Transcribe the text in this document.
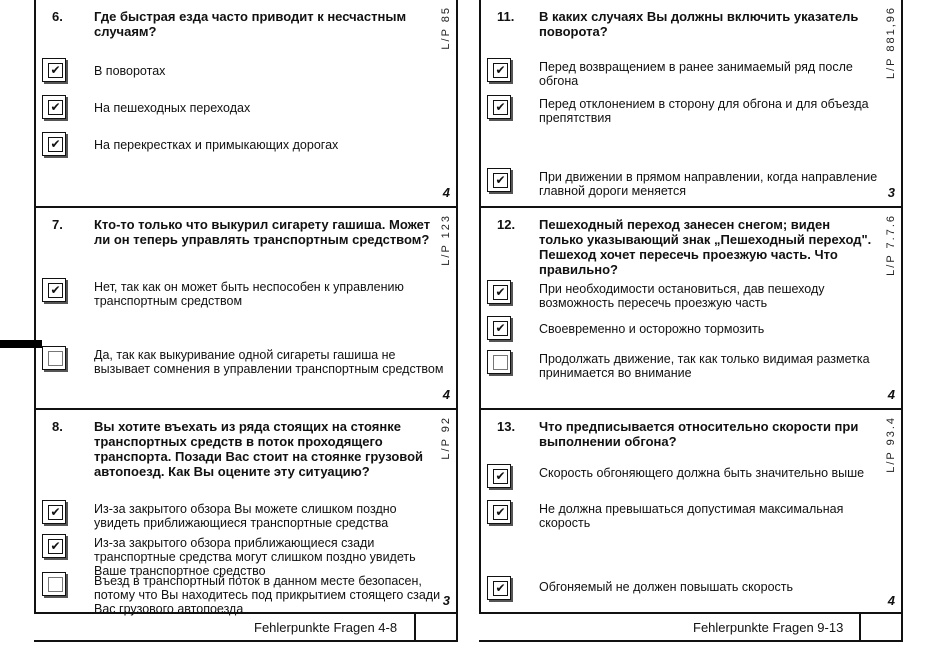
6. Где быстрая езда часто приводит к несчастным случаям?	L/P 85
✔	В поворотах
✔	На пешеходных переходах
✔	На перекрестках и примыкающих дорогах
4
7. Кто-то только что выкурил сигарету гашиша. Может ли он теперь управлять транспортным средством? L/P 123
✔	Нет, так как он может быть неспособен к управлению транспортным средством
Да, так как выкуривание одной сигареты гашиша не вызывает сомнения в управлении транспортным средством
4
8. Вы хотите въехать из ряда стоящих на стоянке транспортных средств в поток проходящего транспорта. Позади Вас стоит на стоянке грузовой автопоезд. Как Вы оцените эту ситуацию?
L/P 92
✔	Из-за закрытого обзора Вы можете слишком поздно увидеть приближающиеся транспортные средства
✔	Из-за закрытого обзора приближающиеся сзади транспортные средства могут слишком поздно увидеть Ваше транспортное средство
Въезд в транспортный поток в данном месте безопасен, потому что Вы находитесь под прикрытием стоящего сзади Вас грузового автопоезда
3
Fehlerpunkte Fragen 4-8
11. В каких случаях Вы должны включить указатель поворота?	L/P 881,96
✔	Перед возвращением в ранее занимаемый ряд после обгона
✔	Перед отклонением в сторону для обгона и для объезда препятствия
✔	При движении в прямом направлении, когда направление главной дороги меняется	3
12. Пешеходный переход занесен снегом; виден только указывающий знак „Пешеходный переход". Пешеход хочет пересечь проезжую часть. Что правильно?	L/P 7.7.6
✔	При необходимости остановиться, дав пешеходу возможность пересечь проезжую часть
✔	Своевременно и осторожно тормозить
Продолжать движение, так как только видимая разметка принимается во внимание
4
13. Что предписывается относительно скорости при выполнении обгона?	L/P 93.4
✔	Скорость обгоняющего должна быть значительно выше
✔	Не должна превышаться допустимая максимальная скорость
✔	Обгоняемый не должен повышать скорость
4
Fehlerpunkte Fragen 9-13
